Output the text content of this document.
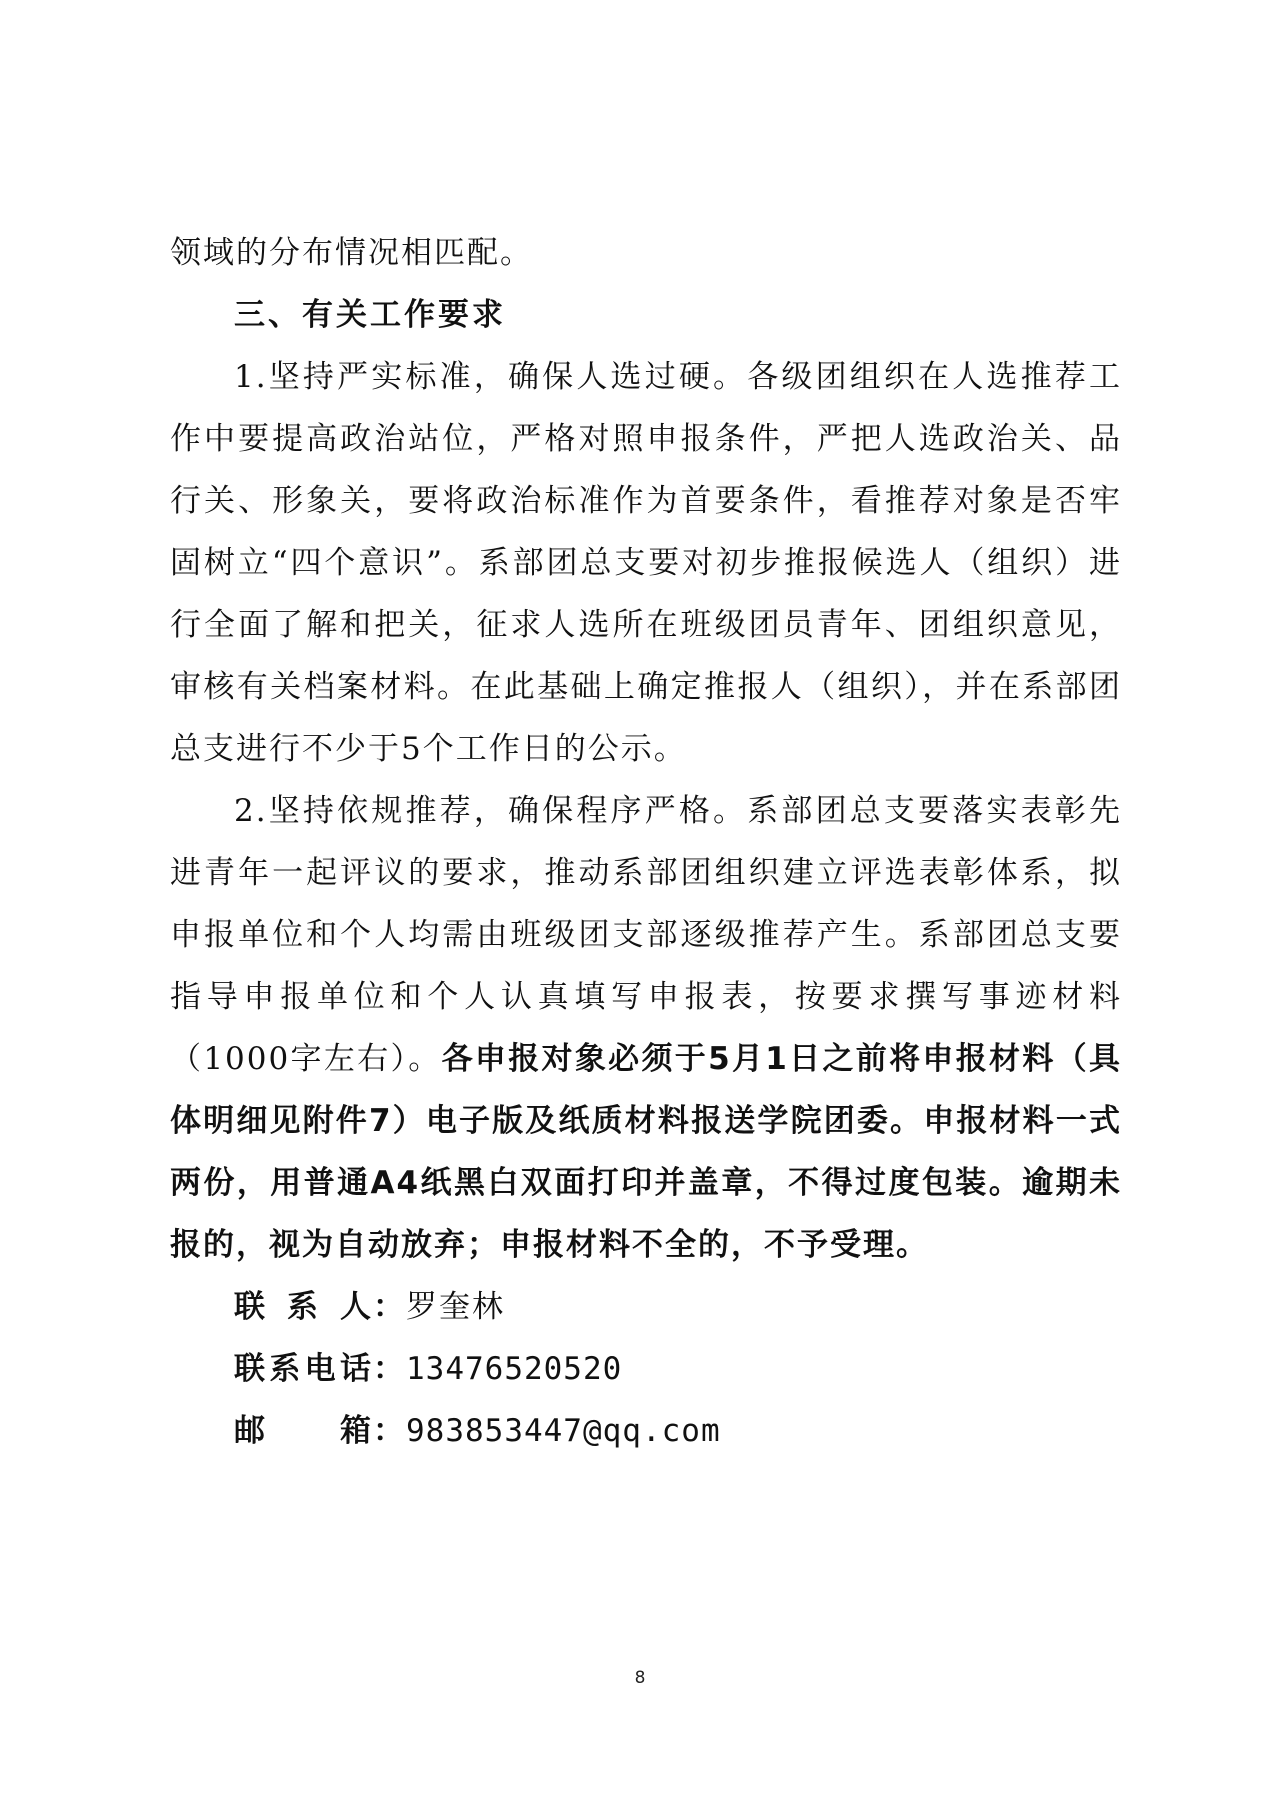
领域的分布情况相匹配。

三、有关工作要求

1.坚持严实标准，确保人选过硬。各级团组织在人选推荐工作中要提高政治站位，严格对照申报条件，严把人选政治关、品行关、形象关，要将政治标准作为首要条件，看推荐对象是否牢固树立“四个意识”。系部团总支要对初步推报候选人（组织）进行全面了解和把关，征求人选所在班级团员青年、团组织意见，审核有关档案材料。在此基础上确定推报人（组织），并在系部团总支进行不少于5个工作日的公示。

2.坚持依规推荐，确保程序严格。系部团总支要落实表彰先进青年一起评议的要求，推动系部团组织建立评选表彰体系，拟申报单位和个人均需由班级团支部逐级推荐产生。系部团总支要指导申报单位和个人认真填写申报表，按要求撰写事迹材料（1000字左右）。各申报对象必须于5月1日之前将申报材料（具体明细见附件7）电子版及纸质材料报送学院团委。申报材料一式两份，用普通A4纸黑白双面打印并盖章，不得过度包装。逾期未报的，视为自动放弃；申报材料不全的，不予受理。

联 系 人： 罗奎林
联 系 电 话： 13476520520
邮 箱： 983853447@qq.com
8
